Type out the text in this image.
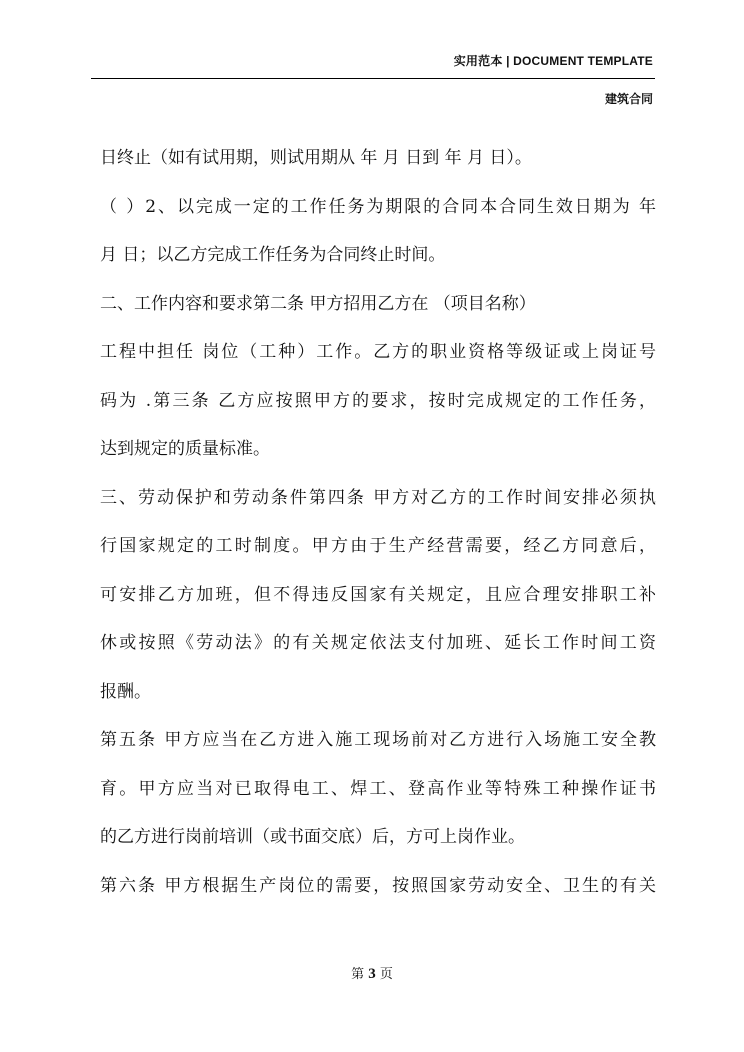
实用范本 | DOCUMENT TEMPLATE
建筑合同
日终止（如有试用期，则试用期从 年 月 日到 年 月 日）。
（ ）2、以完成一定的工作任务为期限的合同本合同生效日期为 年
月 日；以乙方完成工作任务为合同终止时间。
二、工作内容和要求第二条 甲方招用乙方在 （项目名称）
工程中担任 岗位（工种）工作。乙方的职业资格等级证或上岗证号
码为 .第三条 乙方应按照甲方的要求，按时完成规定的工作任务，
达到规定的质量标准。
三、劳动保护和劳动条件第四条 甲方对乙方的工作时间安排必须执
行国家规定的工时制度。甲方由于生产经营需要，经乙方同意后，
可安排乙方加班，但不得违反国家有关规定，且应合理安排职工补
休或按照《劳动法》的有关规定依法支付加班、延长工作时间工资
报酬。
第五条 甲方应当在乙方进入施工现场前对乙方进行入场施工安全教
育。甲方应当对已取得电工、焊工、登高作业等特殊工种操作证书
的乙方进行岗前培训（或书面交底）后，方可上岗作业。
第六条 甲方根据生产岗位的需要，按照国家劳动安全、卫生的有关
第 3 页
